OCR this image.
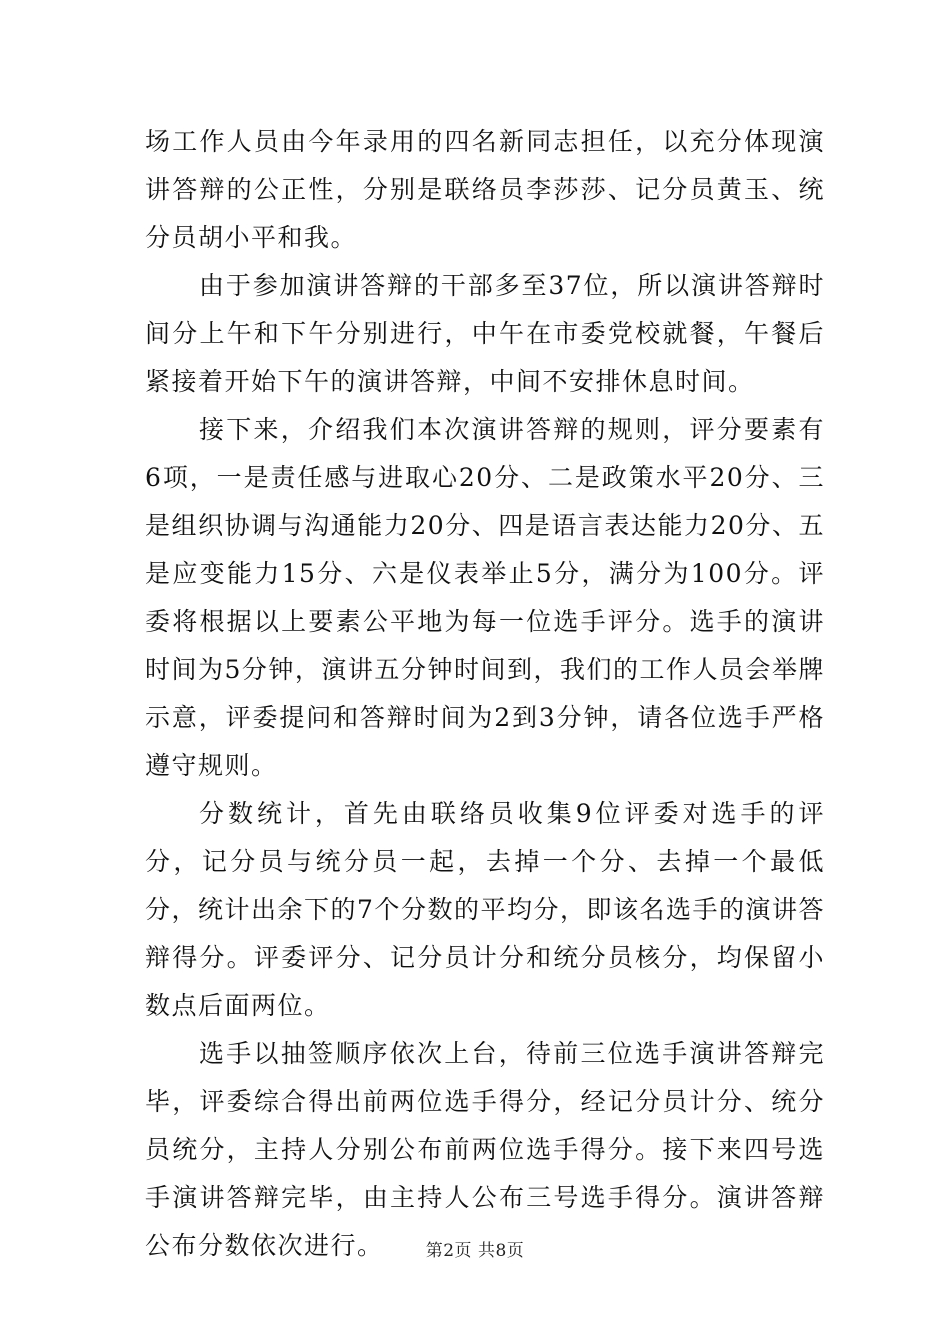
场工作人员由今年录用的四名新同志担任，以充分体现演讲答辩的公正性，分别是联络员李莎莎、记分员黄玉、统分员胡小平和我。

由于参加演讲答辩的干部多至37位，所以演讲答辩时间分上午和下午分别进行，中午在市委党校就餐，午餐后紧接着开始下午的演讲答辩，中间不安排休息时间。

接下来，介绍我们本次演讲答辩的规则，评分要素有6项，一是责任感与进取心20分、二是政策水平20分、三是组织协调与沟通能力20分、四是语言表达能力20分、五是应变能力15分、六是仪表举止5分，满分为100分。评委将根据以上要素公平地为每一位选手评分。选手的演讲时间为5分钟，演讲五分钟时间到，我们的工作人员会举牌示意，评委提问和答辩时间为2到3分钟，请各位选手严格遵守规则。

分数统计，首先由联络员收集9位评委对选手的评分，记分员与统分员一起，去掉一个分、去掉一个最低分，统计出余下的7个分数的平均分，即该名选手的演讲答辩得分。评委评分、记分员计分和统分员核分，均保留小数点后面两位。

选手以抽签顺序依次上台，待前三位选手演讲答辩完毕，评委综合得出前两位选手得分，经记分员计分、统分员统分，主持人分别公布前两位选手得分。接下来四号选手演讲答辩完毕，由主持人公布三号选手得分。演讲答辩公布分数依次进行。	第2页 共8页
